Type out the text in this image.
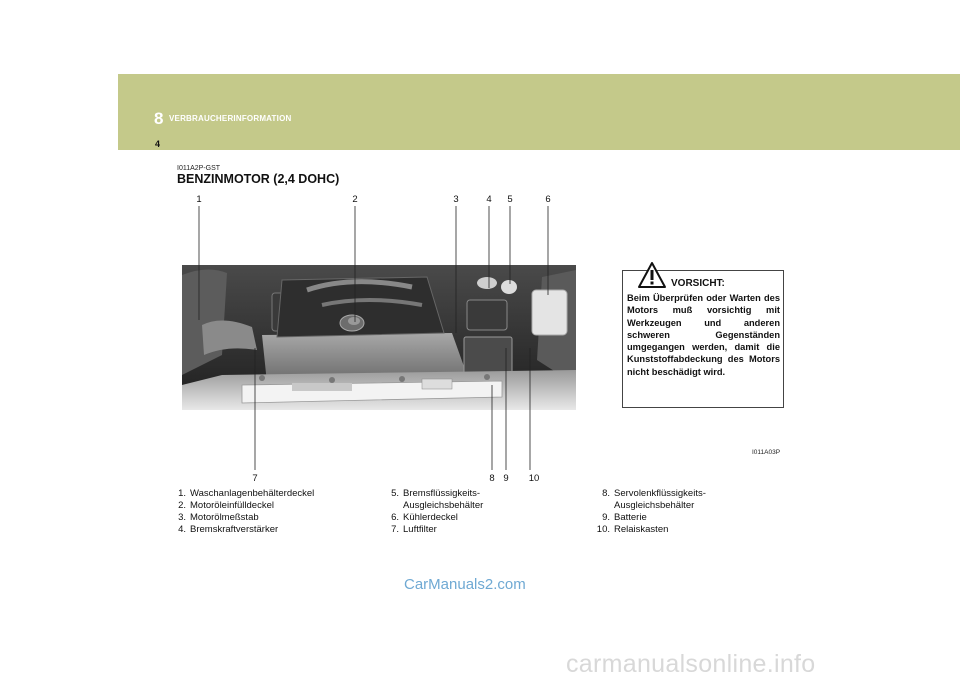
8 VERBRAUCHERINFORMATION
4
I011A2P-GST
BENZINMOTOR (2,4 DOHC)
1	2	3	4	5	6
7	8 9	10
VORSICHT:
Beim Überprüfen oder Warten des Motors muß vorsichtig mit Werkzeugen und anderen schweren Gegenständen umgegangen werden, damit die Kunststoffabdeckung des Motors nicht beschädigt wird.
I011A03P
1. Waschanlagenbehälterdeckel
2. Motoröleinfülldeckel
3. Motorölmeßstab
4. Bremskraftverstärker
5. Bremsflüssigkeits-
Ausgleichsbehälter
6. Kühlerdeckel
7. Luftfilter
8. Servolenkflüssigkeits-
Ausgleichsbehälter
9. Batterie
10. Relaiskasten
CarManuals2.com
carmanualsonline.info
